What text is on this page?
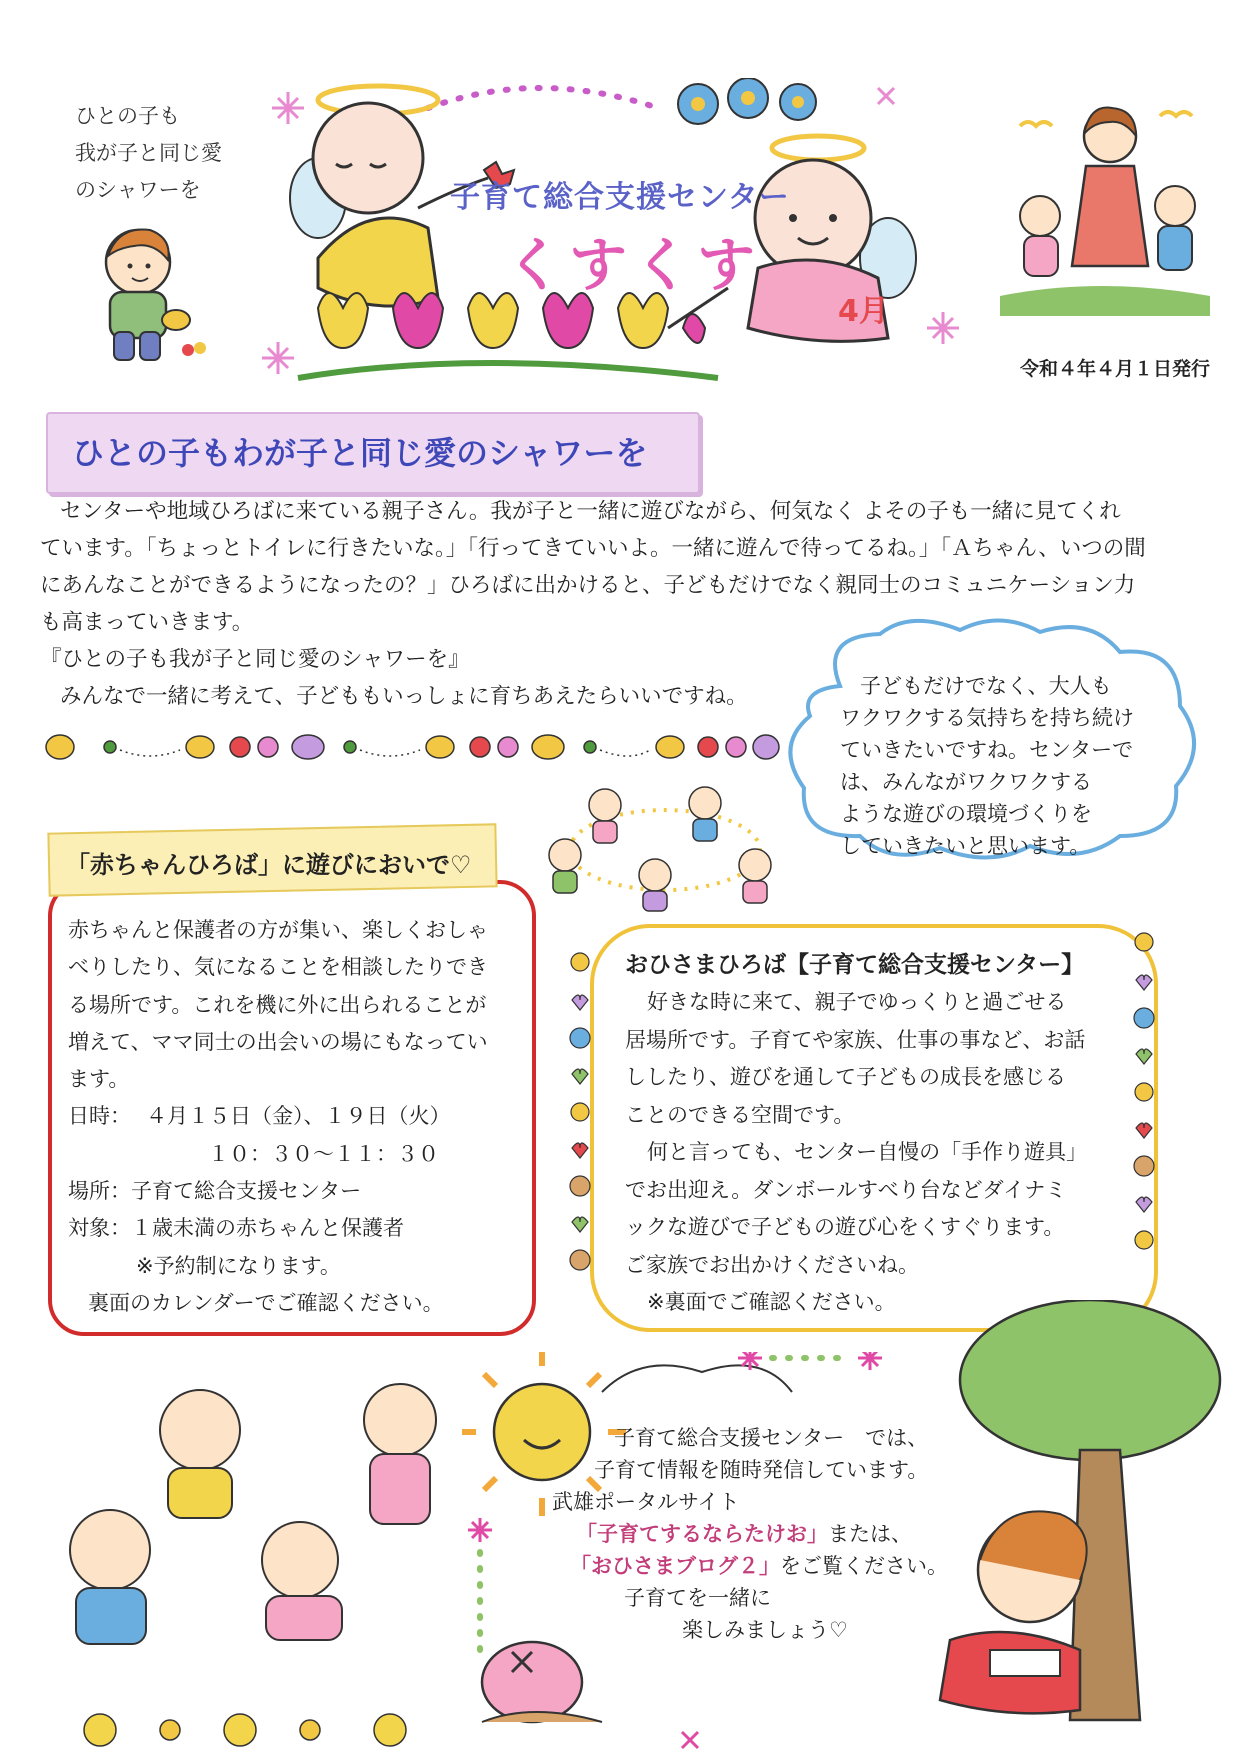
ひとの子も
我が子と同じ愛
のシャワーを	子育て総合支援センター
くすくす
4月
令和４年４月１日発行
ひとの子もわが子と同じ愛のシャワーを
センターや地域ひろばに来ている親子さん。我が子と一緒に遊びながら、何気なく よその子も一緒に見てくれ
ています。「ちょっとトイレに行きたいな。」「行ってきていいよ。一緒に遊んで待ってるね。」「Ａちゃん、いつの間
にあんなことができるようになったの？」ひろばに出かけると、子どもだけでなく親同士のコミュニケーション力
も高まっていきます。
『ひとの子も我が子と同じ愛のシャワーを』
みんなで一緒に考えて、子どももいっしょに育ちあえたらいいですね。	子どもだけでなく、大人も
ワクワクする気持ちを持ち続け
ていきたいですね。センターで
は、みんながワクワクする
ような遊びの環境づくりを
していきたいと思います。
「赤ちゃんひろば」に遊びにおいで♡
赤ちゃんと保護者の方が集い、楽しくおしゃ
べりしたり、気になることを相談したりでき
る場所です。これを機に外に出られることが
増えて、ママ同士の出会いの場にもなってい
ます。
日時： ４月１５日（金）、１９日（火）
１０：３０～１１：３０
場所：子育て総合支援センター
対象：１歳未満の赤ちゃんと保護者
※予約制になります。
裏面のカレンダーでご確認ください。
おひさまひろば【子育て総合支援センター】
好きな時に来て、親子でゆっくりと過ごせる
居場所です。子育てや家族、仕事の事など、お話
ししたり、遊びを通して子どもの成長を感じる
ことのできる空間です。
何と言っても、センター自慢の「手作り遊具」
でお出迎え。ダンボールすべり台などダイナミ
ックな遊びで子どもの遊び心をくすぐります。
ご家族でお出かけくださいね。
※裏面でご確認ください。
子育て総合支援センター　では、
子育て情報を随時発信しています。
武雄ポータルサイト
「子育てするならたけお」または、
「おひさまブログ２」をご覧ください。
子育てを一緒に
楽しみましょう♡
